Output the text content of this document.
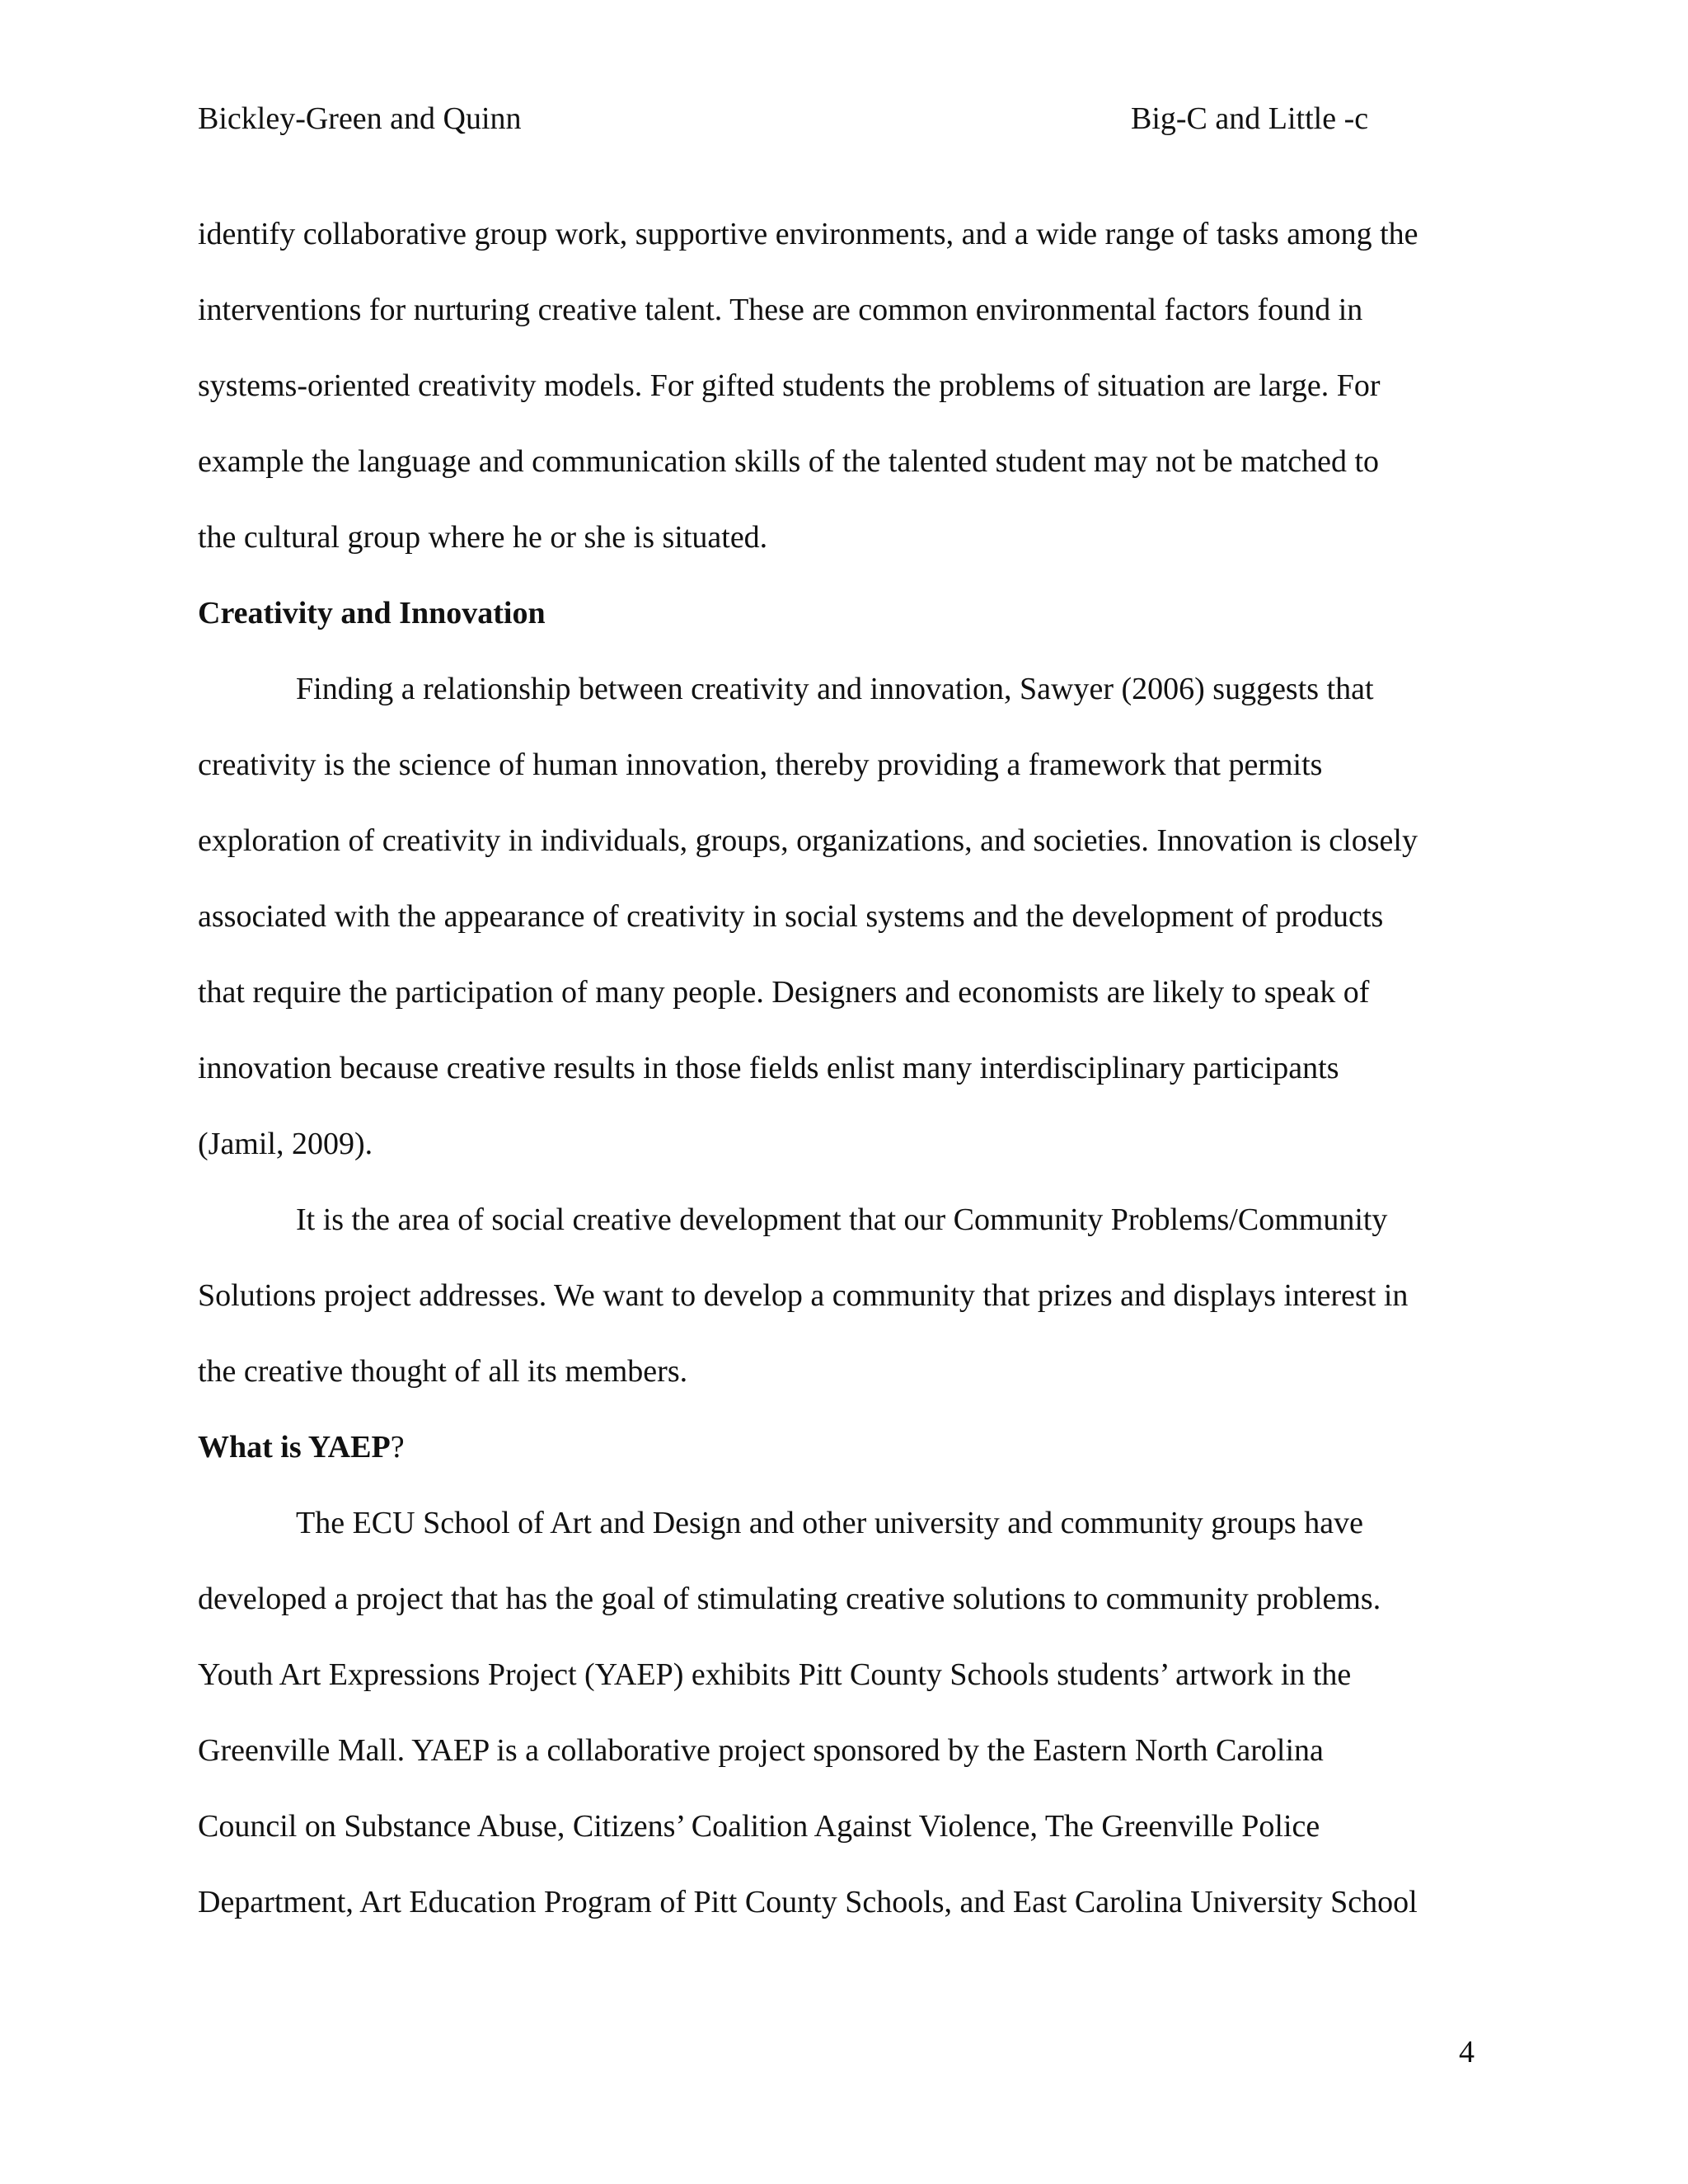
Bickley-Green and Quinn	Big-C and Little -c
identify collaborative group work, supportive environments, and a wide range of tasks among the
interventions for nurturing creative talent. These are common environmental factors found in
systems-oriented creativity models. For gifted students the problems of situation are large. For
example the language and communication skills of the talented student may not be matched to
the cultural group where he or she is situated.
Creativity and Innovation
Finding a relationship between creativity and innovation, Sawyer (2006) suggests that
creativity is the science of human innovation, thereby providing a framework that permits
exploration of creativity in individuals, groups, organizations, and societies. Innovation is closely
associated with the appearance of creativity in social systems and the development of products
that require the participation of many people. Designers and economists are likely to speak of
innovation because creative results in those fields enlist many interdisciplinary participants
(Jamil, 2009).
It is the area of social creative development that our Community Problems/Community
Solutions project addresses. We want to develop a community that prizes and displays interest in
the creative thought of all its members.
What is YAEP?
The ECU School of Art and Design and other university and community groups have
developed a project that has the goal of stimulating creative solutions to community problems.
Youth Art Expressions Project (YAEP) exhibits Pitt County Schools students’ artwork in the
Greenville Mall. YAEP is a collaborative project sponsored by the Eastern North Carolina
Council on Substance Abuse, Citizens’ Coalition Against Violence, The Greenville Police
Department, Art Education Program of Pitt County Schools, and East Carolina University School
4
